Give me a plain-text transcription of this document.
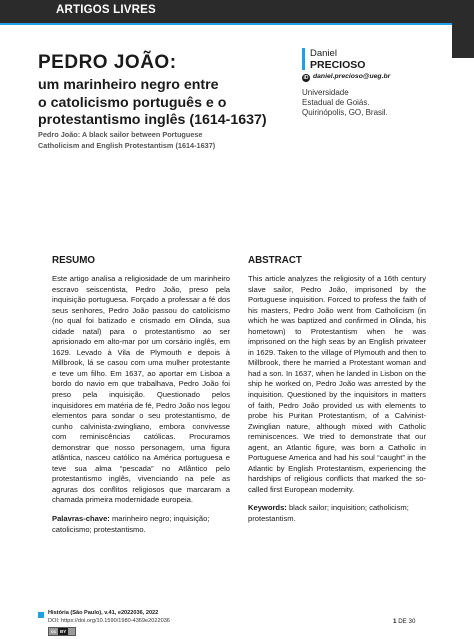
ARTIGOS LIVRES
PEDRO JOÃO:
um marinheiro negro entre
o catolicismo português e o
protestantismo inglês (1614-1637)
Pedro João: A black sailor between Portuguese
Catholicism and English Protestantism (1614-1637)
Daniel
PRECIOSO
iD daniel.precioso@ueg.br
Universidade
Estadual de Goiás.
Quirinópolis, GO, Brasil.
RESUMO

Este artigo analisa a religiosidade de um marinheiro escravo seiscentista, Pedro João, preso pela inquisição portuguesa. Forçado a professar a fé dos seus senhores, Pedro João passou do catolicismo (no qual foi batizado e crismado em Olinda, sua cidade natal) para o protestantismo ao ser aprisionado em alto-mar por um corsário inglês, em 1629. Levado à Vila de Plymouth e depois à Millbrook, lá se casou com uma mulher protestante e teve um filho. Em 1637, ao aportar em Lisboa a bordo do navio em que trabalhava, Pedro João foi preso pela inquisição. Questionado pelos inquisidores em matéria de fé, Pedro João nos legou elementos para sondar o seu protestantismo, de cunho calvinista-zwingliano, embora convivesse com reminiscências católicas. Procuramos demonstrar que nosso personagem, uma figura atlântica, nasceu católico na América portuguesa e teve sua alma “pescada” no Atlântico pelo protestantismo inglês, vivenciando na pele as agruras dos conflitos religiosos que marcaram a chamada primeira modernidade europeia.

Palavras-chave: marinheiro negro; inquisição; catolicismo; protestantismo.
ABSTRACT

This article analyzes the religiosity of a 16th century slave sailor, Pedro João, imprisoned by the Portuguese inquisition. Forced to profess the faith of his masters, Pedro João went from Catholicism (in which he was baptized and confirmed in Olinda, his hometown) to Protestantism when he was imprisoned on the high seas by an English privateer in 1629. Taken to the village of Plymouth and then to Millbrook, there he married a Protestant woman and had a son. In 1637, when he landed in Lisbon on the ship he worked on, Pedro João was arrested by the inquisition. Questioned by the inquisitors in matters of faith, Pedro João provided us with elements to probe his Puritan Protestantism, of a Calvinist-Zwinglian nature, although mixed with Catholic reminiscences. We tried to demonstrate that our agent, an Atlantic figure, was born a Catholic in Portuguese America and had his soul “caught” in the Atlantic by English Protestantism, experiencing the hardships of religious conflicts that marked the so-called first European modernity.

Keywords: black sailor; inquisition; catholicism; protestantism.
História (São Paulo), v.41, e2022036, 2022
DOI: https://doi.org/10.1590/1980-4369e2022036
cc BY
1 DE 30
